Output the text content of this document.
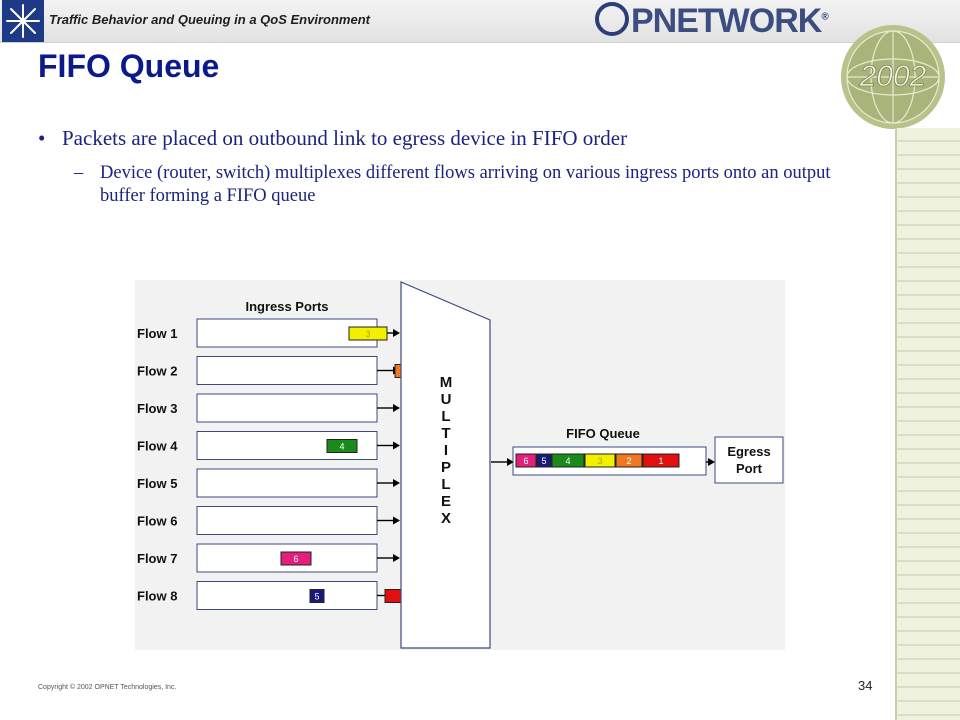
Traffic Behavior and Queuing in a QoS Environment	PNETWORK®
2002
FIFO Queue
• Packets are placed on outbound link to egress device in FIFO order
– Device (router, switch) multiplexes different flows arriving on various ingress ports onto an output buffer forming a FIFO queue
Ingress Ports
Flow 1	3
Flow 2
Flow 3
Flow 4	4
Flow 5
Flow 6
Flow 7	6
Flow 8	5
M
U
L
T
I
P
L
E
X
FIFO Queue
6 5 4	3	2	1
Egress
Port
Copyright © 2002 OPNET Technologies, Inc.	34
